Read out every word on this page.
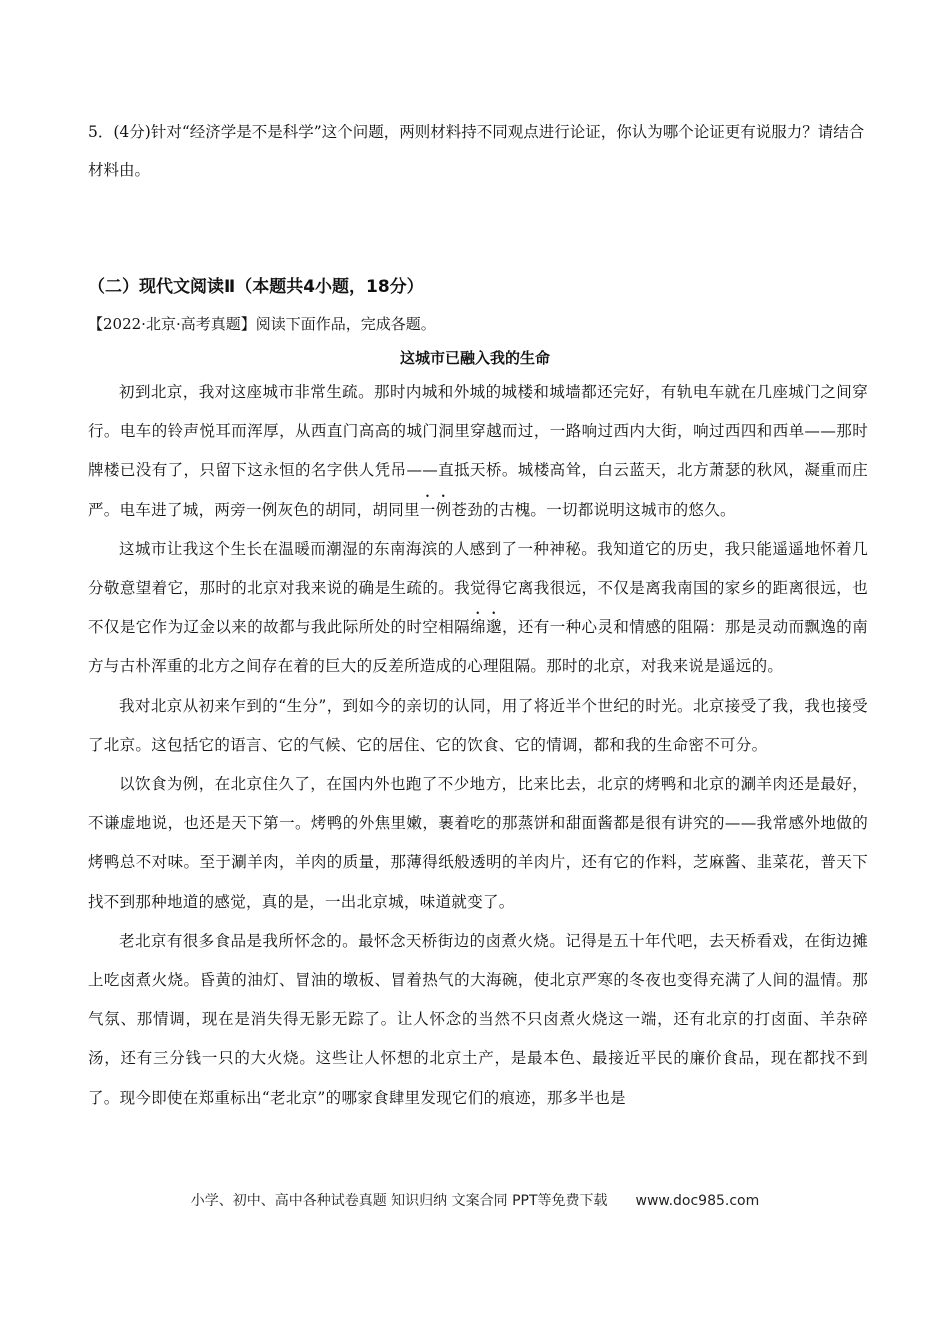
5．(4分)针对“经济学是不是科学”这个问题，两则材料持不同观点进行论证，你认为哪个论证更有说服力？请结合材料由。
（二）现代文阅读Ⅱ（本题共4小题，18分）
【2022·北京·高考真题】阅读下面作品，完成各题。
这城市已融入我的生命

初到北京，我对这座城市非常生疏。那时内城和外城的城楼和城墙都还完好，有轨电车就在几座城门之间穿行。电车的铃声悦耳而浑厚，从西直门高高的城门洞里穿越而过，一路响过西内大街，响过西四和西单——那时牌楼已没有了，只留下这永恒的名字供人凭吊——直抵天桥。城楼高耸，白云蓝天，北方萧瑟的秋风，凝重而庄严。电车进了城，两旁一例灰色的胡同，胡同里一例苍劲的古槐。一切都说明这城市的悠久。

这城市让我这个生长在温暖而潮湿的东南海滨的人感到了一种神秘。我知道它的历史，我只能遥遥地怀着几分敬意望着它，那时的北京对我来说的确是生疏的。我觉得它离我很远，不仅是离我南国的家乡的距离很远，也不仅是它作为辽金以来的故都与我此际所处的时空相隔绵邈，还有一种心灵和情感的阻隔：那是灵动而飘逸的南方与古朴浑重的北方之间存在着的巨大的反差所造成的心理阻隔。那时的北京，对我来说是遥远的。

我对北京从初来乍到的“生分”，到如今的亲切的认同，用了将近半个世纪的时光。北京接受了我，我也接受了北京。这包括它的语言、它的气候、它的居住、它的饮食、它的情调，都和我的生命密不可分。

以饮食为例，在北京住久了，在国内外也跑了不少地方，比来比去，北京的烤鸭和北京的涮羊肉还是最好，不谦虚地说，也还是天下第一。烤鸭的外焦里嫩，裹着吃的那蒸饼和甜面酱都是很有讲究的——我常感外地做的烤鸭总不对味。至于涮羊肉，羊肉的质量，那薄得纸般透明的羊肉片，还有它的作料，芝麻酱、韭菜花，普天下找不到那种地道的感觉，真的是，一出北京城，味道就变了。

老北京有很多食品是我所怀念的。最怀念天桥街边的卤煮火烧。记得是五十年代吧，去天桥看戏，在街边摊上吃卤煮火烧。昏黄的油灯、冒油的墩板、冒着热气的大海碗，使北京严寒的冬夜也变得充满了人间的温情。那气氛、那情调，现在是消失得无影无踪了。让人怀念的当然不只卤煮火烧这一端，还有北京的打卤面、羊杂碎汤，还有三分钱一只的大火烧。这些让人怀想的北京土产，是最本色、最接近平民的廉价食品，现在都找不到了。现今即使在郑重标出“老北京”的哪家食肆里发现它们的痕迹，那多半也是

小学、初中、高中各种试卷真题 知识归纳 文案合同 PPT等免费下载 www.doc985.com
